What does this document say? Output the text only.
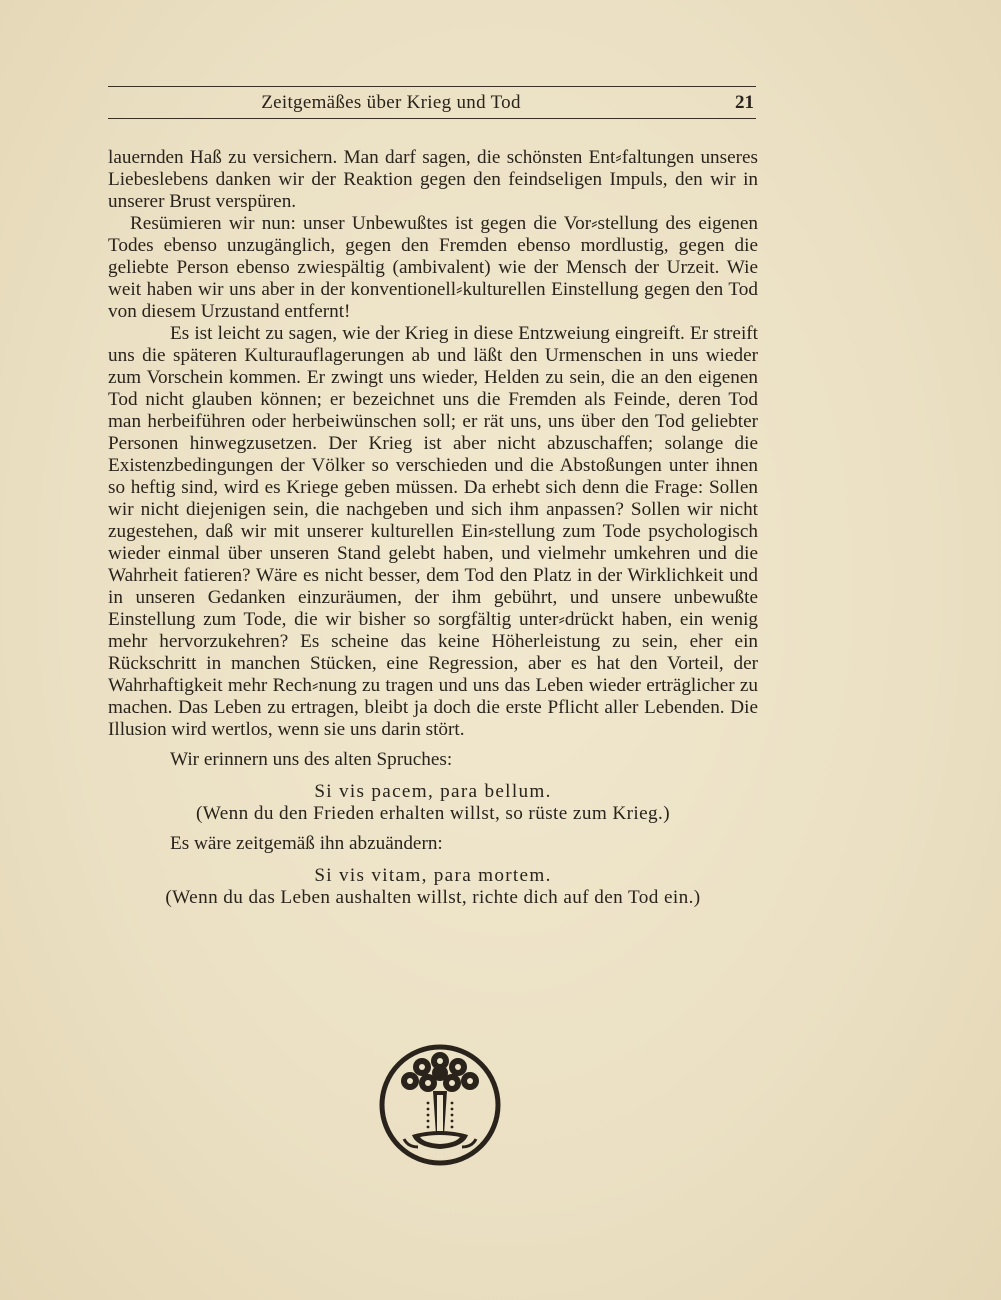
Zeitgemäßes über Krieg und Tod	21

lauernden Haß zu versichern. Man darf sagen, die schönsten Ent⸗faltungen unseres Liebeslebens danken wir der Reaktion gegen den feindseligen Impuls, den wir in unserer Brust verspüren.

Resümieren wir nun: unser Unbewußtes ist gegen die Vor⸗stellung des eigenen Todes ebenso unzugänglich, gegen den Fremden ebenso mordlustig, gegen die geliebte Person ebenso zwiespältig (ambivalent) wie der Mensch der Urzeit. Wie weit haben wir uns aber in der konventionell⸗kulturellen Einstellung gegen den Tod von diesem Urzustand entfernt!

Es ist leicht zu sagen, wie der Krieg in diese Entzweiung eingreift. Er streift uns die späteren Kulturauflagerungen ab und läßt den Urmenschen in uns wieder zum Vorschein kommen. Er zwingt uns wieder, Helden zu sein, die an den eigenen Tod nicht glauben können; er bezeichnet uns die Fremden als Feinde, deren Tod man herbeiführen oder herbeiwünschen soll; er rät uns, uns über den Tod geliebter Personen hinwegzusetzen. Der Krieg ist aber nicht abzuschaffen; solange die Existenzbedingungen der Völker so verschieden und die Abstoßungen unter ihnen so heftig sind, wird es Kriege geben müssen. Da erhebt sich denn die Frage: Sollen wir nicht diejenigen sein, die nachgeben und sich ihm anpassen? Sollen wir nicht zugestehen, daß wir mit unserer kulturellen Ein⸗stellung zum Tode psychologisch wieder einmal über unseren Stand gelebt haben, und vielmehr umkehren und die Wahrheit fatieren? Wäre es nicht besser, dem Tod den Platz in der Wirklichkeit und in unseren Gedanken einzuräumen, der ihm gebührt, und unsere unbewußte Einstellung zum Tode, die wir bisher so sorgfältig unter⸗drückt haben, ein wenig mehr hervorzukehren? Es scheine das keine Höherleistung zu sein, eher ein Rückschritt in manchen Stücken, eine Regression, aber es hat den Vorteil, der Wahrhaftigkeit mehr Rech⸗nung zu tragen und uns das Leben wieder erträglicher zu machen. Das Leben zu ertragen, bleibt ja doch die erste Pflicht aller Lebenden. Die Illusion wird wertlos, wenn sie uns darin stört.

Wir erinnern uns des alten Spruches:

Si vis pacem, para bellum.
(Wenn du den Frieden erhalten willst, so rüste zum Krieg.)

Es wäre zeitgemäß ihn abzuändern:

Si vis vitam, para mortem.
(Wenn du das Leben aushalten willst, richte dich auf den Tod ein.)
